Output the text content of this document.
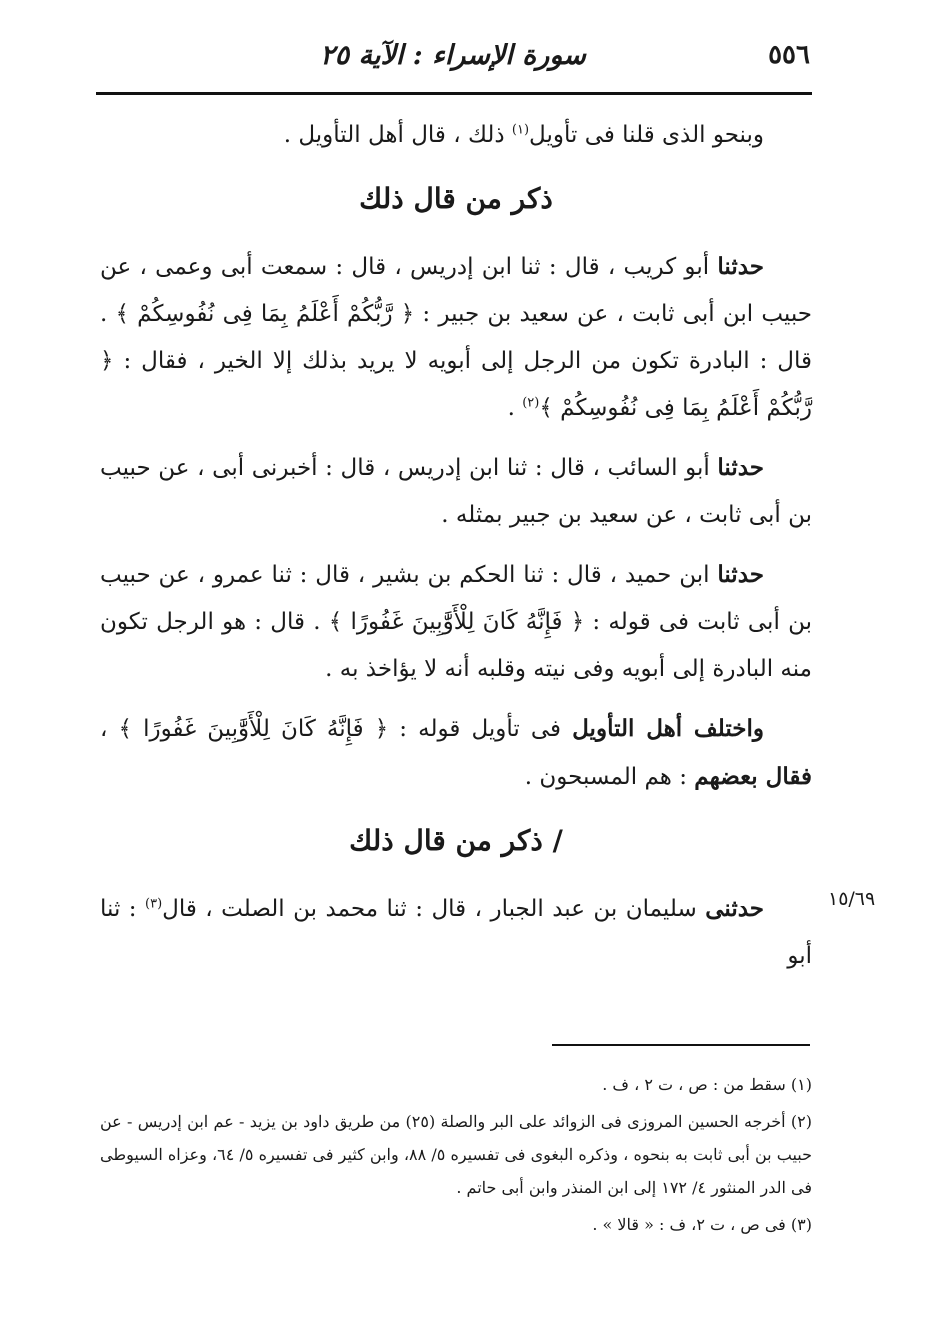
٥٥٦
سورة الإسراء : الآية ٢٥

وبنحو الذى قلنا فى تأويل$^{(١)}$ ذلك ، قال أهل التأويل .

ذكر من قال ذلك

حدثنا أبو كريب ، قال : ثنا ابن إدريس ، قال : سمعت أبى وعمى ، عن حبيب ابن أبى ثابت ، عن سعيد بن جبير : ﴿ رَّبُّكُمْ أَعْلَمُ بِمَا فِى نُفُوسِكُمْ ﴾ . قال : البادرة تكون من الرجل إلى أبويه لا يريد بذلك إلا الخير ، فقال : ﴿ رَّبُّكُمْ أَعْلَمُ بِمَا فِى نُفُوسِكُمْ ﴾$^{(٢)}$ .

حدثنا أبو السائب ، قال : ثنا ابن إدريس ، قال : أخبرنى أبى ، عن حبيب بن أبى ثابت ، عن سعيد بن جبير بمثله .

حدثنا ابن حميد ، قال : ثنا الحكم بن بشير ، قال : ثنا عمرو ، عن حبيب بن أبى ثابت فى قوله : ﴿ فَإِنَّهُ كَانَ لِلْأَوَّٰبِينَ غَفُورًا ﴾ . قال : هو الرجل تكون منه البادرة إلى أبويه وفى نيته وقلبه أنه لا يؤاخذ به .

واختلف أهل التأويل فى تأويل قوله : ﴿ فَإِنَّهُ كَانَ لِلْأَوَّٰبِينَ غَفُورًا ﴾ ، فقال بعضهم : هم المسبحون .

/ ذكر من قال ذلك

حدثنى سليمان بن عبد الجبار ، قال : ثنا محمد بن الصلت ، قال$^{(٣)}$ : ثنا أبو

١٥/٦٩

(١) سقط من : ص ، ت ٢ ، ف .

(٢) أخرجه الحسين المروزى فى الزوائد على البر والصلة (٢٥) من طريق داود بن يزيد - عم ابن إدريس - عن حبيب بن أبى ثابت به بنحوه ، وذكره البغوى فى تفسيره ٥/ ٨٨، وابن كثير فى تفسيره ٥/ ٦٤، وعزاه السيوطى فى الدر المنثور ٤/ ١٧٢ إلى ابن المنذر وابن أبى حاتم .

(٣) فى ص ، ت ٢، ف : « قالا » .
